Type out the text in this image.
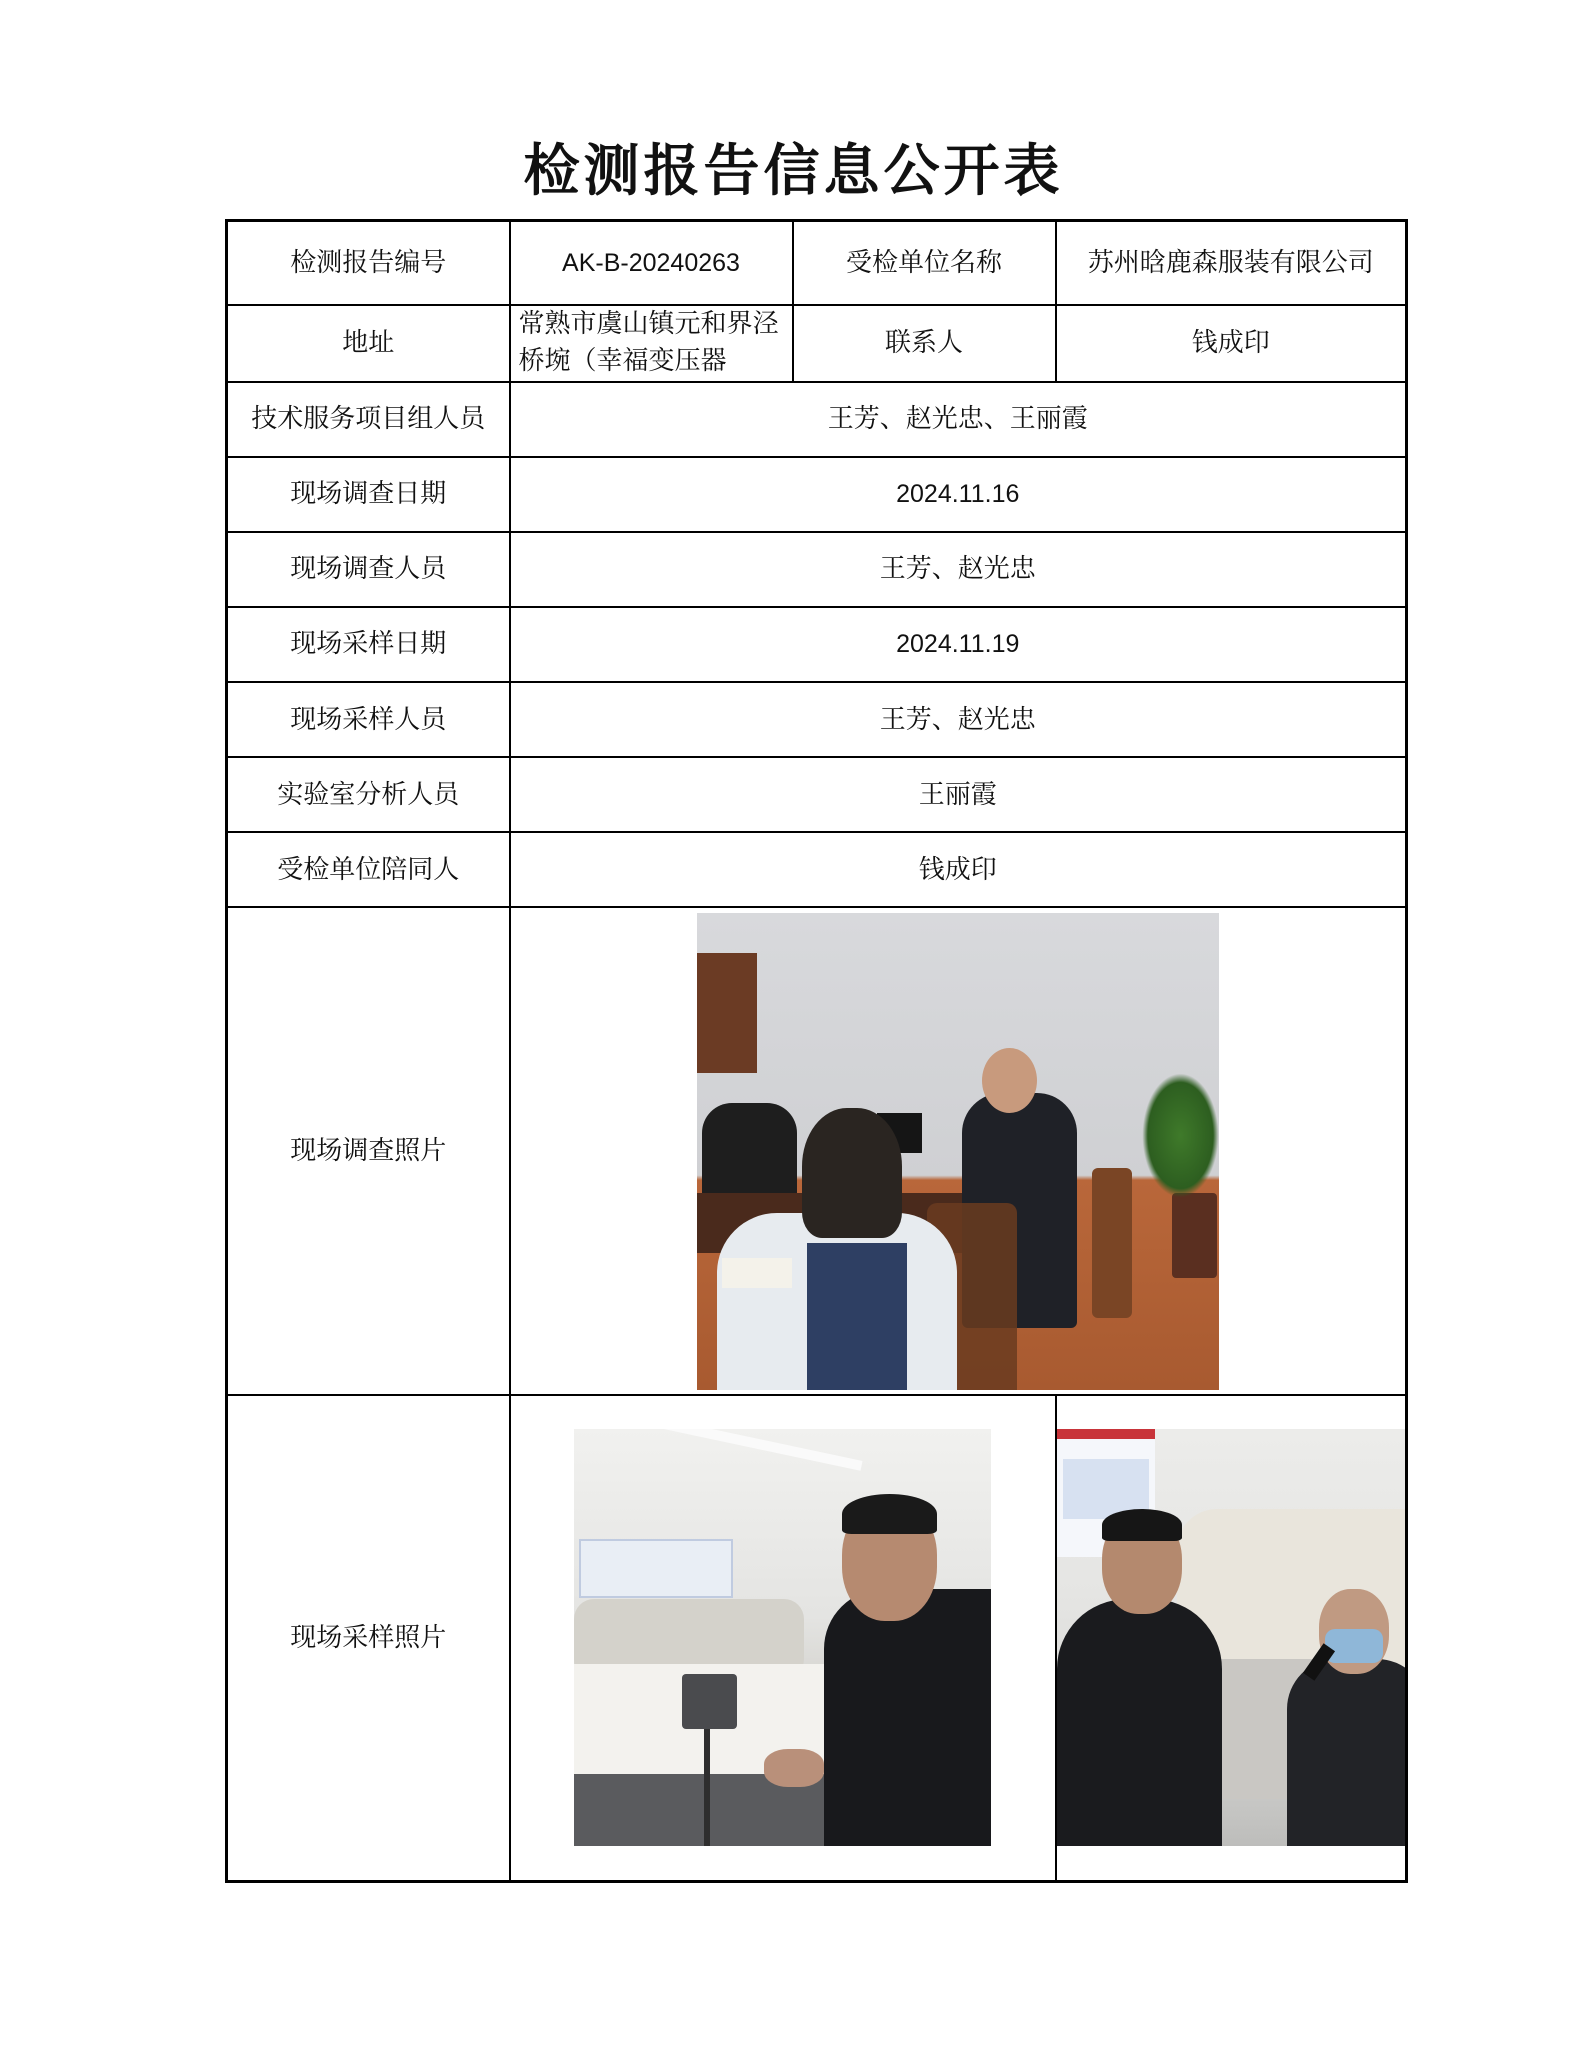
检测报告信息公开表
检测报告编号	AK-B-20240263	受检单位名称	苏州晗鹿森服装有限公司
地址	常熟市虞山镇元和界泾桥埦（幸福变压器	联系人	钱成印
技术服务项目组人员	王芳、赵光忠、王丽霞		
现场调查日期	2024.11.16		
现场调查人员	王芳、赵光忠		
现场采样日期	2024.11.19		
现场采样人员	王芳、赵光忠		
实验室分析人员	王丽霞		
受检单位陪同人	钱成印		
现场调查照片			

现场采样照片		
